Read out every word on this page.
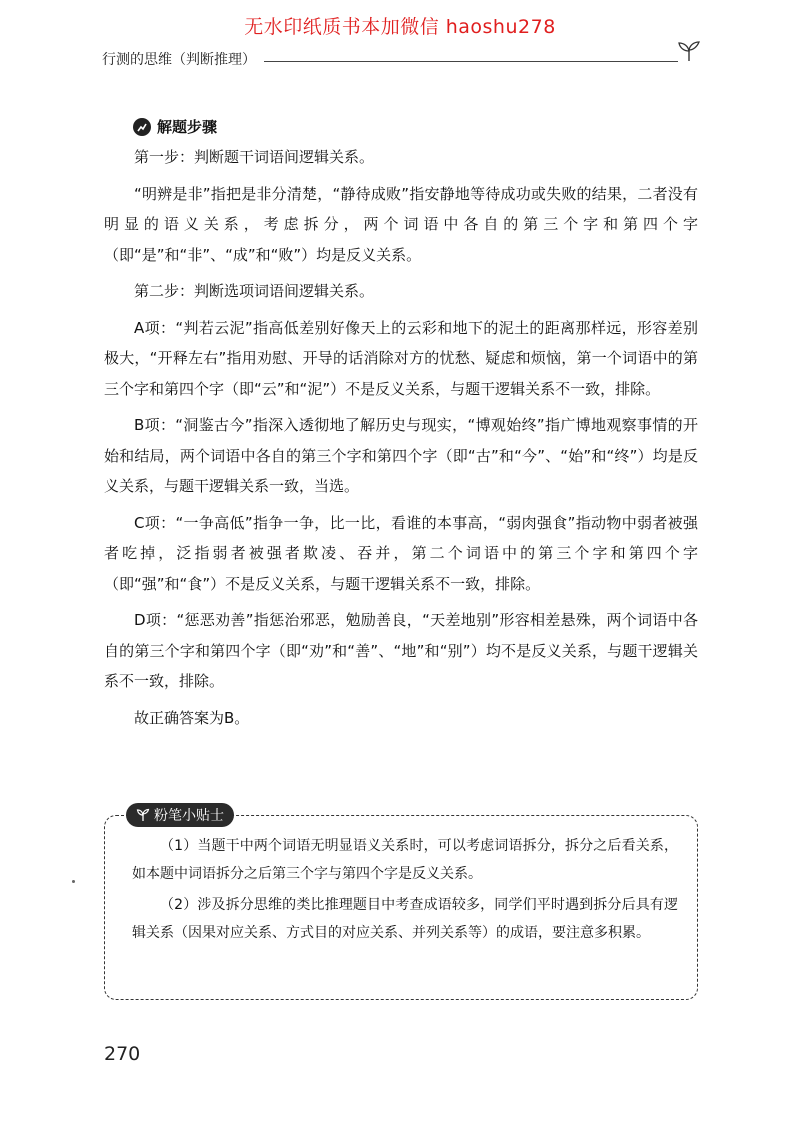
无水印纸质书本加微信 haoshu278
行测的思维（判断推理）
解题步骤

第一步：判断题干词语间逻辑关系。

“明辨是非”指把是非分清楚，“静待成败”指安静地等待成功或失败的结果，二者没有明显的语义关系，考虑拆分，两个词语中各自的第三个字和第四个字（即“是”和“非”、“成”和“败”）均是反义关系。

第二步：判断选项词语间逻辑关系。

A项：“判若云泥”指高低差别好像天上的云彩和地下的泥土的距离那样远，形容差别极大，“开释左右”指用劝慰、开导的话消除对方的忧愁、疑虑和烦恼，第一个词语中的第三个字和第四个字（即“云”和“泥”）不是反义关系，与题干逻辑关系不一致，排除。

B项：“洞鉴古今”指深入透彻地了解历史与现实，“博观始终”指广博地观察事情的开始和结局，两个词语中各自的第三个字和第四个字（即“古”和“今”、“始”和“终”）均是反义关系，与题干逻辑关系一致，当选。

C项：“一争高低”指争一争，比一比，看谁的本事高，“弱肉强食”指动物中弱者被强者吃掉，泛指弱者被强者欺凌、吞并，第二个词语中的第三个字和第四个字（即“强”和“食”）不是反义关系，与题干逻辑关系不一致，排除。

D项：“惩恶劝善”指惩治邪恶，勉励善良，“天差地别”形容相差悬殊，两个词语中各自的第三个字和第四个字（即“劝”和“善”、“地”和“别”）均不是反义关系，与题干逻辑关系不一致，排除。

故正确答案为B。

粉笔小贴士

（1）当题干中两个词语无明显语义关系时，可以考虑词语拆分，拆分之后看关系，如本题中词语拆分之后第三个字与第四个字是反义关系。

（2）涉及拆分思维的类比推理题目中考查成语较多，同学们平时遇到拆分后具有逻辑关系（因果对应关系、方式目的对应关系、并列关系等）的成语，要注意多积累。

270
